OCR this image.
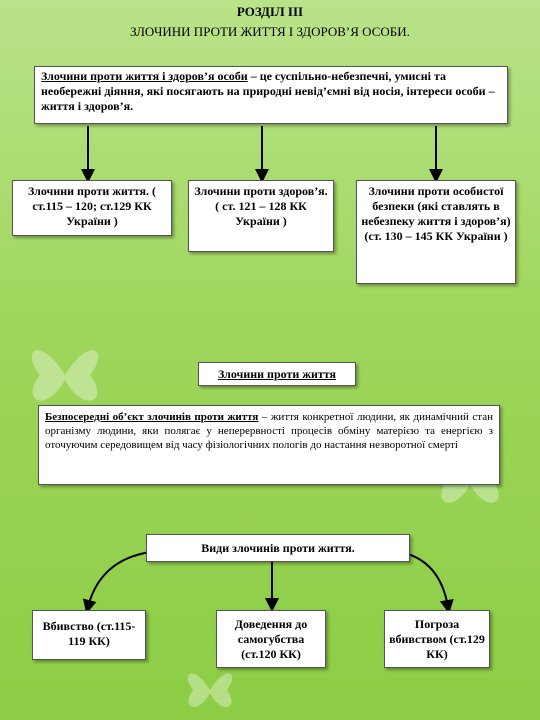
РОЗДІЛ ІІІ
ЗЛОЧИНИ ПРОТИ ЖИТТЯ І ЗДОРОВ’Я ОСОБИ.
Злочини проти життя і здоров’я особи – це суспільно-небезпечні, умисні та необережні діяння, які посягають на природні невід’ємні від носія, інтереси особи – життя і здоров’я.
Злочини проти життя. ( ст.115 – 120; ст.129 КК України )
Злочини проти здоров’я. ( ст. 121 – 128 КК України )
Злочини проти особистої безпеки (які ставлять в небезпеку життя і здоров’я) (ст. 130 – 145 КК України )
Злочини проти життя
Безпосередні об’єкт злочинів проти життя – життя конкретної людини, як динамічний стан організму людини, яки полягає у неперервності процесів обміну матерією та енергією з оточуючим середовищем від часу фізіологічних пологів до настання незворотної смерті
Види злочинів проти життя.
Вбивство (ст.115-119 КК)
Доведення до самогубства (ст.120 КК)
Погроза вбивством (ст.129 КК)
